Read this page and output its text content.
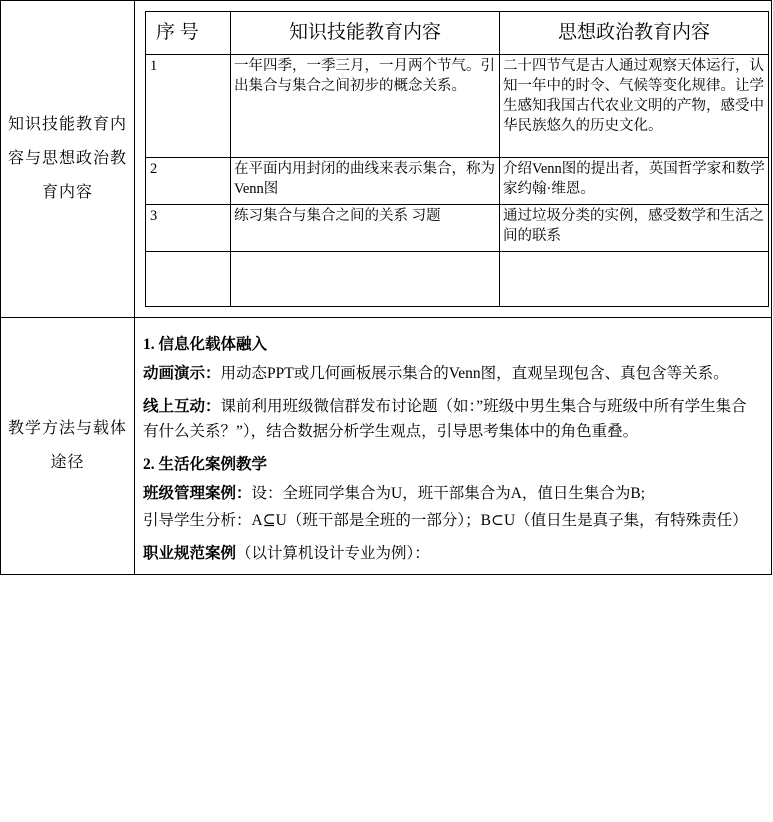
知识技能教育内容与思想政治教育内容	
序 号	知识技能教育内容	思想政治教育内容
1	一年四季，一季三月，一月两个节气。引出集合与集合之间初步的概念关系。	二十四节气是古人通过观察天体运行，认知一年中的时令、气候等变化规律。让学生感知我国古代农业文明的产物，感受中华民族悠久的历史文化。
2	在平面内用封闭的曲线来表示集合，称为Venn图	介绍Venn图的提出者，英国哲学家和数学家约翰·维恩。
3	练习集合与集合之间的关系 习题	通过垃圾分类的实例，感受数学和生活之间的联系

教学方法与载体途径	
1. 信息化载体融入
动画演示：用动态PPT或几何画板展示集合的Venn图，直观呈现包含、真包含等关系。
线上互动：课前利用班级微信群发布讨论题（如：”班级中男生集合与班级中所有学生集合有什么关系？”），结合数据分析学生观点，引导思考集体中的角色重叠。
2. 生活化案例教学
班级管理案例：设：全班同学集合为U，班干部集合为A，值日生集合为B;
引导学生分析：A⊆U（班干部是全班的一部分）；B⊂U（值日生是真子集，有特殊责任）
职业规范案例（以计算机设计专业为例）：
